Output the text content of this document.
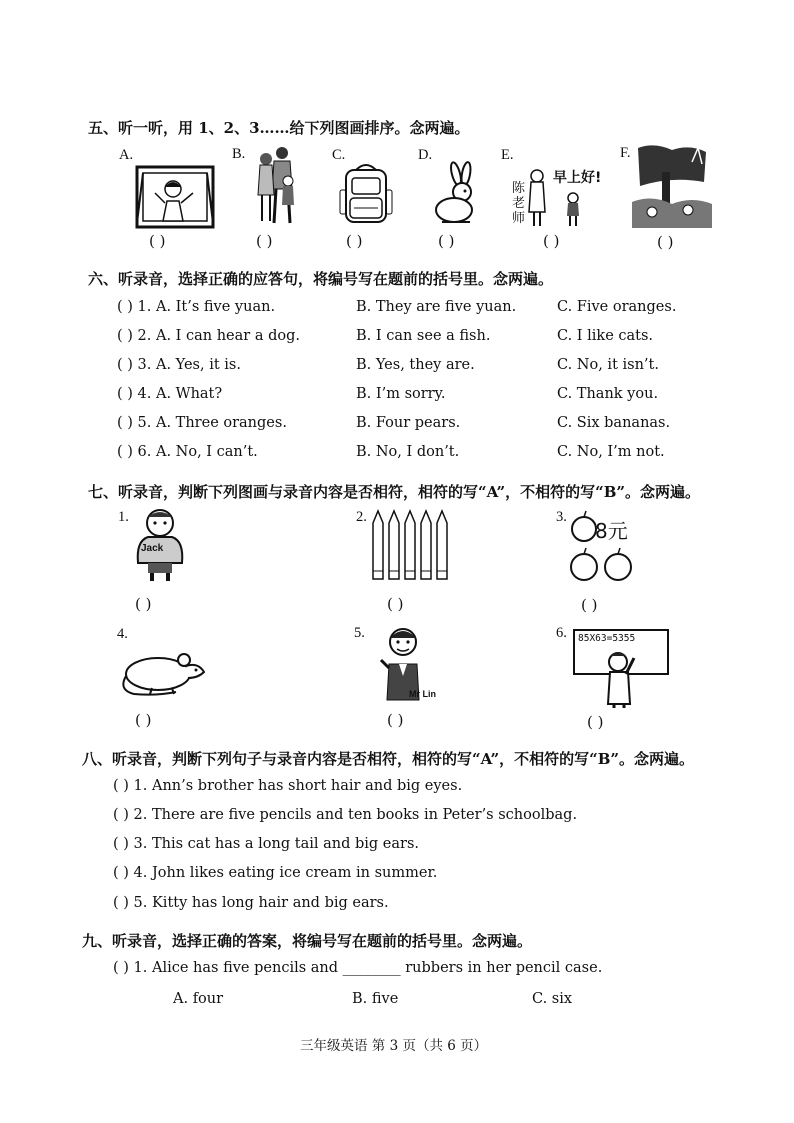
五、听一听，用 1、2、3……给下列图画排序。念两遍。
A.
( )
B.
( )
C.
( )
D.
( )
E.
陈老师
早上好!
( )
F.
( )
六、听录音，选择正确的应答句，将编号写在题前的括号里。念两遍。
( ) 1. A. It’s five yuan.	B. They are five yuan.	C. Five oranges.
( ) 2. A. I can hear a dog.	B. I can see a fish.	C. I like cats.
( ) 3. A. Yes, it is.	B. Yes, they are.	C. No, it isn’t.
( ) 4. A. What?	B. I’m sorry.	C. Thank you.
( ) 5. A. Three oranges.	B. Four pears.	C. Six bananas.
( ) 6. A. No, I can’t.	B. No, I don’t.	C. No, I’m not.
七、听录音，判断下列图画与录音内容是否相符，相符的写“A”，不相符的写“B”。念两遍。
1.
Jack
( )
2.
( )
3.
8元
( )
4.
( )
5.
Mr Lin
( )
6. 85X63=5355
( )
八、听录音，判断下列句子与录音内容是否相符，相符的写“A”，不相符的写“B”。念两遍。
( ) 1. Ann’s brother has short hair and big eyes.
( ) 2. There are five pencils and ten books in Peter’s schoolbag.
( ) 3. This cat has a long tail and big ears.
( ) 4. John likes eating ice cream in summer.
( ) 5. Kitty has long hair and big ears.
九、听录音，选择正确的答案，将编号写在题前的括号里。念两遍。
( ) 1. Alice has five pencils and ________ rubbers in her pencil case.
A. four	B. five	C. six
三年级英语 第 3 页（共 6 页）
